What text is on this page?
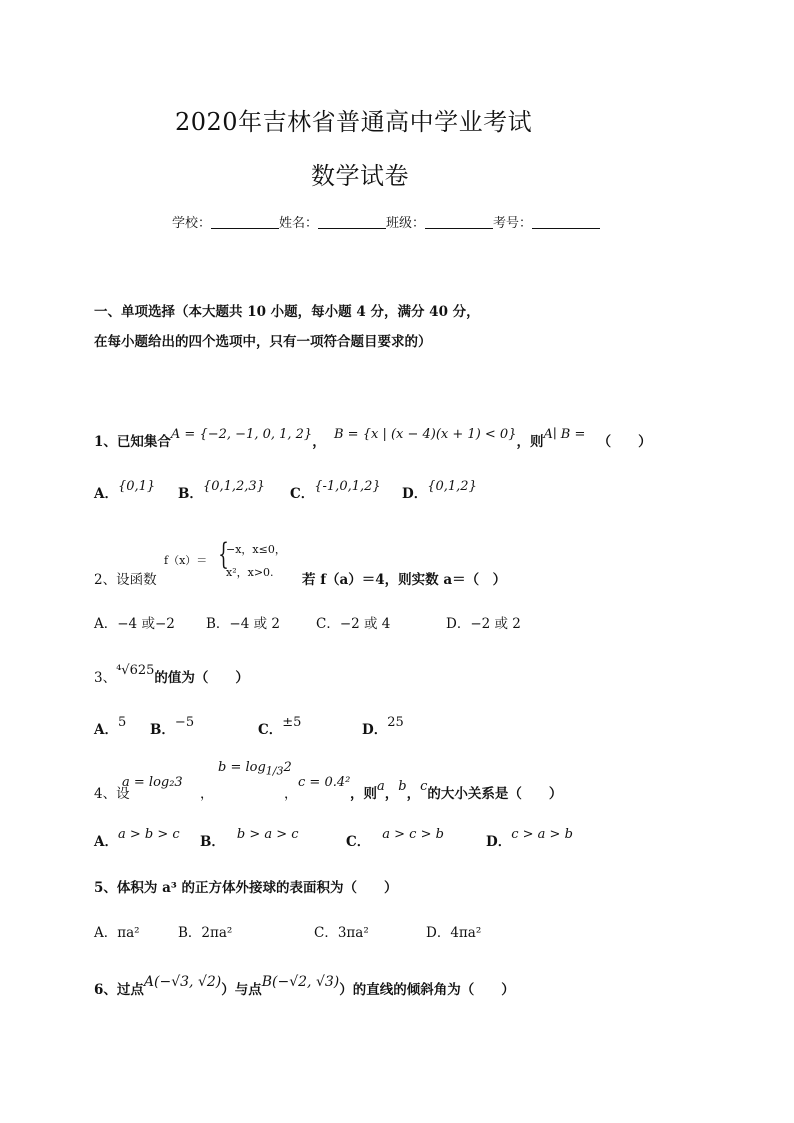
2020年吉林省普通高中学业考试
数学试卷
学校：	姓名：	班级：	考号：
一、单项选择（本大题共 10 小题，每小题 4 分，满分 40 分，
在每小题给出的四个选项中，只有一项符合题目要求的）
1、已知集合A = {−2, −1, 0, 1, 2}， B = {x | (x − 4)(x + 1) < 0}，则A∣ B = （　　）
A．{0,1} B．{0,1,2,3} C．{-1,0,1,2} D．{0,1,2}
2、设函数
f（x）＝ {
−x，x≤0，
x²，x>0. 若 f（a）＝4，则实数 a＝（　）
A．−4 或−2 B．−4 或 2	C．−2 或 4	D．−2 或 2
3、⁴√625的值为（　　）
A．5 B．−5	C．±5	D．25
4、设
a = log₂3
，
$b = \log_{1/3}2$
，
c = 0.4²
，则a，b，c的大小关系是（　　）
A．a > b > c B． b > a > c	C． a > c > b	D．c > a > b
5、体积为 a³ 的正方体外接球的表面积为（　　）
A．πa²	B．2πa²	C．3πa²	D．4πa²
6、过点A(−√3, √2)）与点B(−√2, √3)）的直线的倾斜角为（　　）
